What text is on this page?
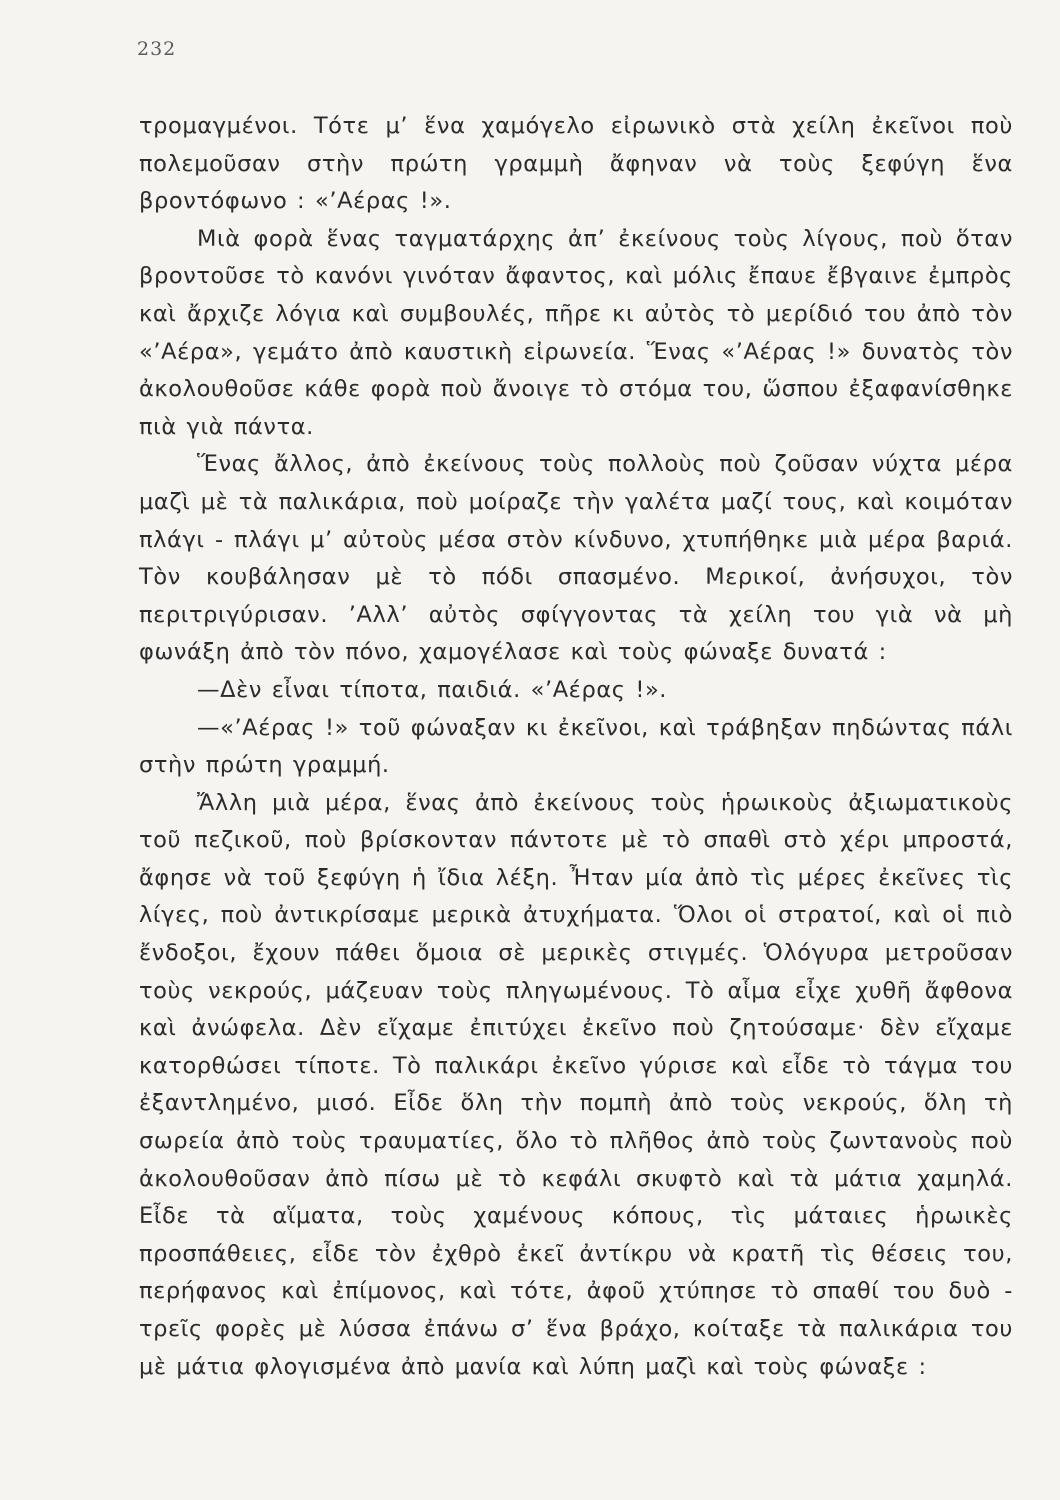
232

τρομαγμένοι. Τότε μ’ ἕνα χαμόγελο εἰρωνικὸ στὰ χείλη ἐκεῖνοι ποὺ πολεμοῦσαν στὴν πρώτη γραμμὴ ἄφηναν νὰ τοὺς ξεφύγη ἕνα βροντόφωνο : «’Αέρας !».

Μιὰ φορὰ ἕνας ταγματάρχης ἀπ’ ἐκείνους τοὺς λίγους, ποὺ ὅταν βροντοῦσε τὸ κανόνι γινόταν ἄφαντος, καὶ μόλις ἔπαυε ἔβγαινε ἐμπρὸς καὶ ἄρχιζε λόγια καὶ συμβουλές, πῆρε κι αὐτὸς τὸ μερίδιό του ἀπὸ τὸν «’Αέρα», γεμάτο ἀπὸ καυστικὴ εἰρωνεία. Ἕνας «’Αέρας !» δυνατὸς τὸν ἀκολουθοῦσε κάθε φορὰ ποὺ ἄνοιγε τὸ στόμα του, ὥσπου ἐξαφανίσθηκε πιὰ γιὰ πάντα.

Ἕνας ἄλλος, ἀπὸ ἐκείνους τοὺς πολλοὺς ποὺ ζοῦσαν νύχτα μέρα μαζὶ μὲ τὰ παλικάρια, ποὺ μοίραζε τὴν γαλέτα μαζί τους, καὶ κοιμόταν πλάγι - πλάγι μ’ αὐτοὺς μέσα στὸν κίνδυνο, χτυπήθηκε μιὰ μέρα βαριά. Τὸν κουβάλησαν μὲ τὸ πόδι σπασμένο. Μερικοί, ἀνήσυχοι, τὸν περιτριγύρισαν. ’Αλλ’ αὐτὸς σφίγγοντας τὰ χείλη του γιὰ νὰ μὴ φωνάξη ἀπὸ τὸν πόνο, χαμογέλασε καὶ τοὺς φώναξε δυνατά :

—Δὲν εἶναι τίποτα, παιδιά. «’Αέρας !».

—«’Αέρας !» τοῦ φώναξαν κι ἐκεῖνοι, καὶ τράβηξαν πηδώντας πάλι στὴν πρώτη γραμμή.

Ἄλλη μιὰ μέρα, ἕνας ἀπὸ ἐκείνους τοὺς ἡρωικοὺς ἀξιωματικοὺς τοῦ πεζικοῦ, ποὺ βρίσκονταν πάντοτε μὲ τὸ σπαθὶ στὸ χέρι μπροστά, ἄφησε νὰ τοῦ ξεφύγη ἡ ἴδια λέξη. Ἦταν μία ἀπὸ τὶς μέρες ἐκεῖνες τὶς λίγες, ποὺ ἀντικρίσαμε μερικὰ ἀτυχήματα. Ὅλοι οἱ στρατοί, καὶ οἱ πιὸ ἔνδοξοι, ἔχουν πάθει ὅμοια σὲ μερικὲς στιγμές. Ὁλόγυρα μετροῦσαν τοὺς νεκρούς, μάζευαν τοὺς πληγωμένους. Τὸ αἷμα εἶχε χυθῆ ἄφθονα καὶ ἀνώφελα. Δὲν εἴχαμε ἐπιτύχει ἐκεῖνο ποὺ ζητούσαμε· δὲν εἴχαμε κατορθώσει τίποτε. Τὸ παλικάρι ἐκεῖνο γύρισε καὶ εἶδε τὸ τάγμα του ἐξαντλημένο, μισό. Εἶδε ὅλη τὴν πομπὴ ἀπὸ τοὺς νεκρούς, ὅλη τὴ σωρεία ἀπὸ τοὺς τραυματίες, ὅλο τὸ πλῆθος ἀπὸ τοὺς ζωντανοὺς ποὺ ἀκολουθοῦσαν ἀπὸ πίσω μὲ τὸ κεφάλι σκυφτὸ καὶ τὰ μάτια χαμηλά. Εἶδε τὰ αἵματα, τοὺς χαμένους κόπους, τὶς μάταιες ἡρωικὲς προσπάθειες, εἶδε τὸν ἐχθρὸ ἐκεῖ ἀντίκρυ νὰ κρατῆ τὶς θέσεις του, περήφανος καὶ ἐπίμονος, καὶ τότε, ἀφοῦ χτύπησε τὸ σπαθί του δυὸ - τρεῖς φορὲς μὲ λύσσα ἐπάνω σ’ ἕνα βράχο, κοίταξε τὰ παλικάρια του μὲ μάτια φλογισμένα ἀπὸ μανία καὶ λύπη μαζὶ καὶ τοὺς φώναξε :
